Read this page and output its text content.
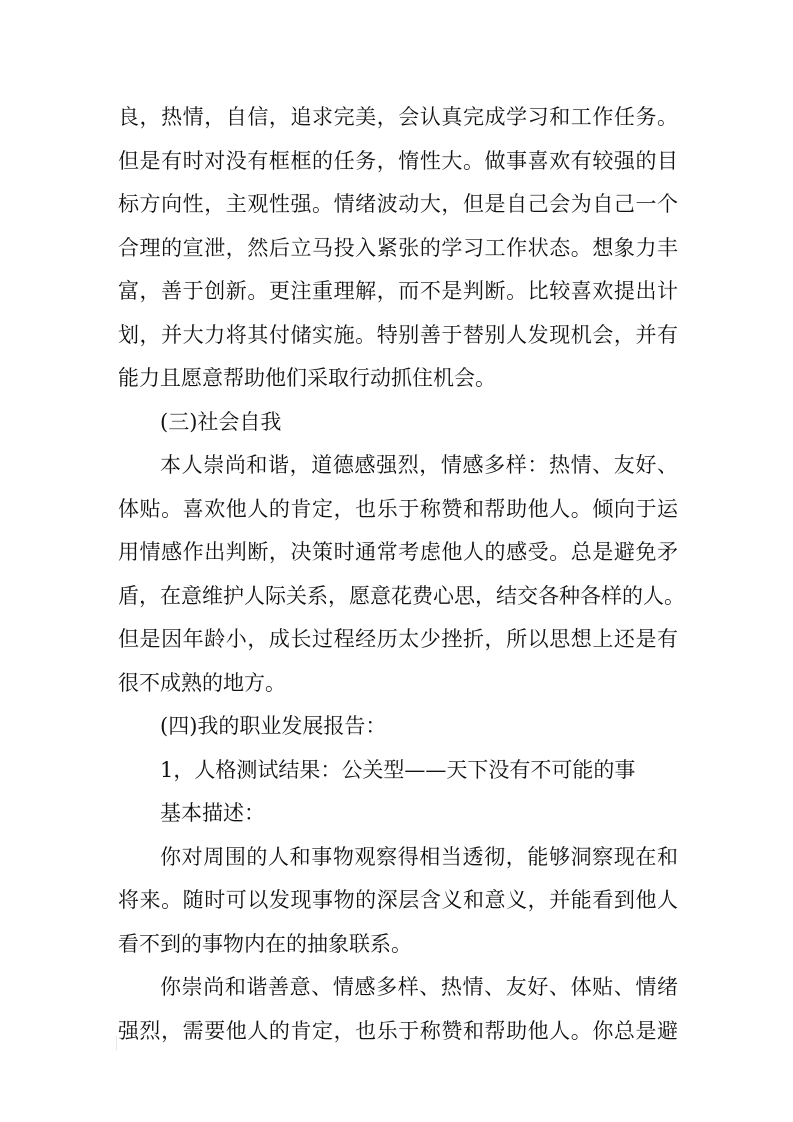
良，热情，自信，追求完美，会认真完成学习和工作任务。
但是有时对没有框框的任务，惰性大。做事喜欢有较强的目
标方向性，主观性强。情绪波动大，但是自己会为自己一个
合理的宣泄，然后立马投入紧张的学习工作状态。想象力丰
富，善于创新。更注重理解，而不是判断。比较喜欢提出计
划，并大力将其付储实施。特别善于替别人发现机会，并有
能力且愿意帮助他们采取行动抓住机会。
(三)社会自我
本人崇尚和谐，道德感强烈，情感多样：热情、友好、
体贴。喜欢他人的肯定，也乐于称赞和帮助他人。倾向于运
用情感作出判断，决策时通常考虑他人的感受。总是避免矛
盾，在意维护人际关系，愿意花费心思，结交各种各样的人。
但是因年龄小，成长过程经历太少挫折，所以思想上还是有
很不成熟的地方。
(四)我的职业发展报告：
1，人格测试结果：公关型——天下没有不可能的事
基本描述：
你对周围的人和事物观察得相当透彻，能够洞察现在和
将来。随时可以发现事物的深层含义和意义，并能看到他人
看不到的事物内在的抽象联系。
你崇尚和谐善意、情感多样、热情、友好、体贴、情绪
强烈，需要他人的肯定，也乐于称赞和帮助他人。你总是避
